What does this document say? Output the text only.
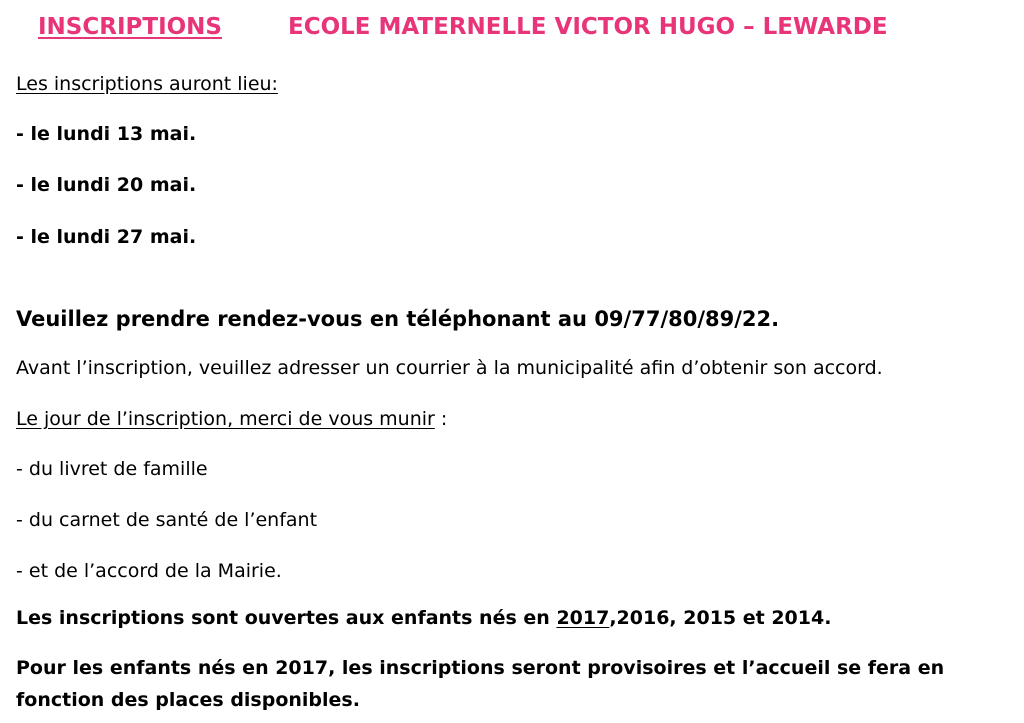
INSCRIPTIONS	ECOLE MATERNELLE VICTOR HUGO – LEWARDE
Les inscriptions auront lieu:
- le lundi 13 mai.
- le lundi 20 mai.
- le lundi 27 mai.
Veuillez prendre rendez-vous en téléphonant au 09/77/80/89/22.
Avant l’inscription, veuillez adresser un courrier à la municipalité afin d’obtenir son accord.
Le jour de l’inscription, merci de vous munir :
- du livret de famille
- du carnet de santé de l’enfant
- et de l’accord de la Mairie.
Les inscriptions sont ouvertes aux enfants nés en 2017,2016, 2015 et 2014.
Pour les enfants nés en 2017, les inscriptions seront provisoires et l’accueil se fera en
fonction des places disponibles.
